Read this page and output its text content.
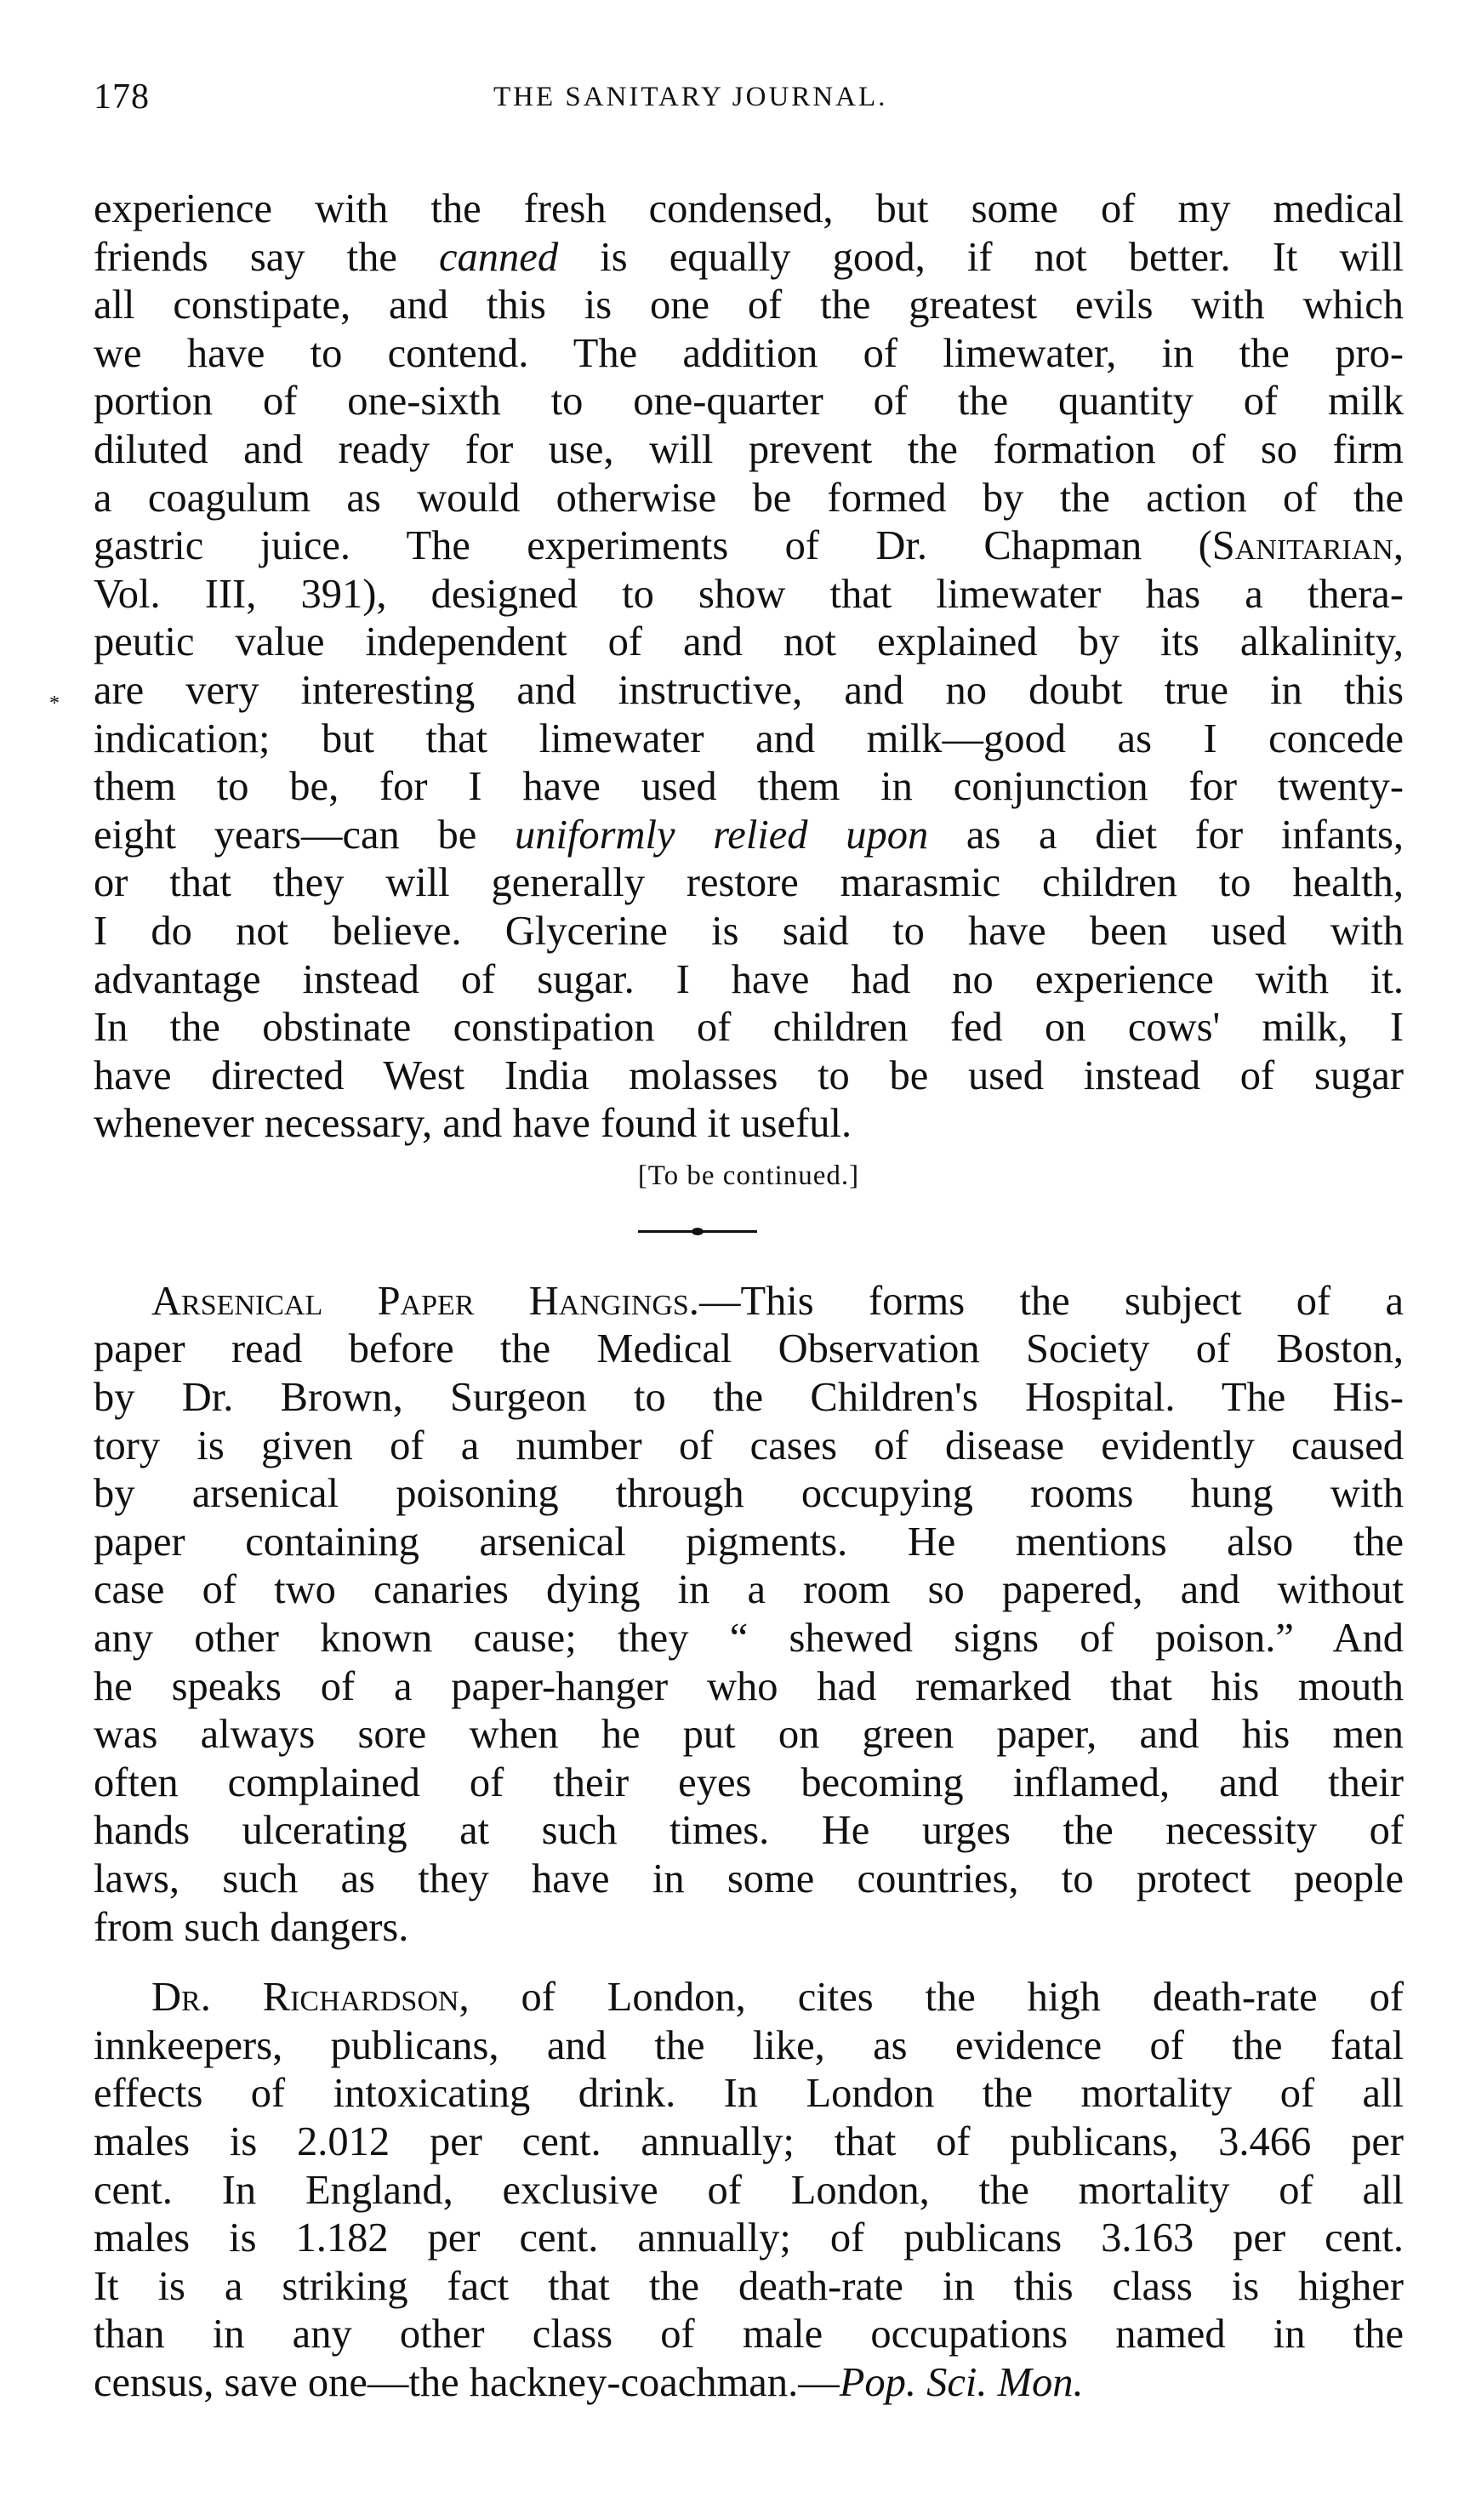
178	THE SANITARY JOURNAL.
*
experience with the fresh condensed, but some of my medical
friends say the canned is equally good, if not better. It will
all constipate, and this is one of the greatest evils with which
we have to contend. The addition of limewater, in the pro-
portion of one-sixth to one-quarter of the quantity of milk
diluted and ready for use, will prevent the formation of so firm
a coagulum as would otherwise be formed by the action of the
gastric juice. The experiments of Dr. Chapman (Sanitarian,
Vol. III, 391), designed to show that limewater has a thera-
peutic value independent of and not explained by its alkalinity,
are very interesting and instructive, and no doubt true in this
indication; but that limewater and milk—good as I concede
them to be, for I have used them in conjunction for twenty-
eight years—can be uniformly relied upon as a diet for infants,
or that they will generally restore marasmic children to health,
I do not believe. Glycerine is said to have been used with
advantage instead of sugar. I have had no experience with it.
In the obstinate constipation of children fed on cows' milk, I
have directed West India molasses to be used instead of sugar
whenever necessary, and have found it useful.
[To be continued.]
Arsenical Paper Hangings.—This forms the subject of a
paper read before the Medical Observation Society of Boston,
by Dr. Brown, Surgeon to the Children's Hospital. The His-
tory is given of a number of cases of disease evidently caused
by arsenical poisoning through occupying rooms hung with
paper containing arsenical pigments. He mentions also the
case of two canaries dying in a room so papered, and without
any other known cause; they “ shewed signs of poison.” And
he speaks of a paper-hanger who had remarked that his mouth
was always sore when he put on green paper, and his men
often complained of their eyes becoming inflamed, and their
hands ulcerating at such times. He urges the necessity of
laws, such as they have in some countries, to protect people
from such dangers.
Dr. Richardson, of London, cites the high death-rate of
innkeepers, publicans, and the like, as evidence of the fatal
effects of intoxicating drink. In London the mortality of all
males is 2.012 per cent. annually; that of publicans, 3.466 per
cent. In England, exclusive of London, the mortality of all
males is 1.182 per cent. annually; of publicans 3.163 per cent.
It is a striking fact that the death-rate in this class is higher
than in any other class of male occupations named in the
census, save one—the hackney-coachman.—Pop. Sci. Mon.
